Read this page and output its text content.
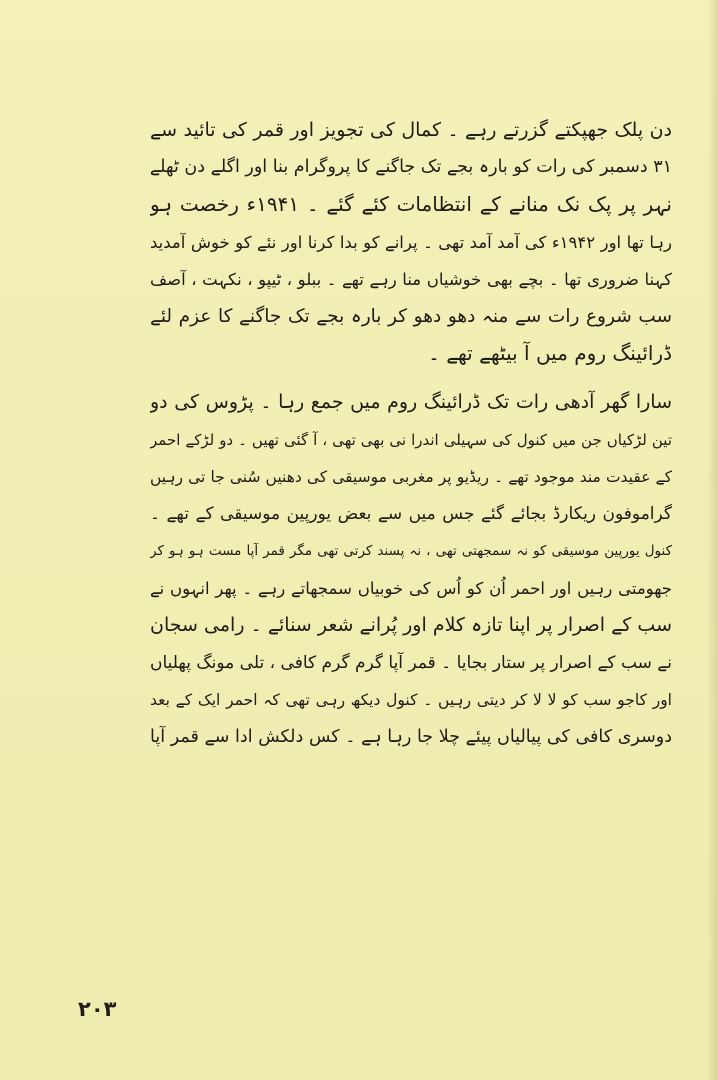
دن پلک جھپکتے گزرتے رہے ۔ کمال کی تجویز اور قمر کی تائید سے
۳۱ دسمبر کی رات کو بارہ بجے تک جاگنے کا پروگرام بنا اور اگلے دن ٹھلے
نہر پر پک نک منانے کے انتظامات کئے گئے ۔ ۱۹۴۱ء رخصت ہو
رہا تھا اور ۱۹۴۲ء کی آمد آمد تھی ۔ پرانے کو بدا کرنا اور نئے کو خوش آمدید
کہنا ضروری تھا ۔ بچے بھی خوشیاں منا رہے تھے ۔ ببلو ، ٹیپو ، نکہت ، آصف
سب شروع رات سے منہ دھو دھو کر بارہ بجے تک جاگنے کا عزم لئے
ڈرائینگ روم میں آ بیٹھے تھے ۔
سارا گھر آدھی رات تک ڈرائینگ روم میں جمع رہا ۔ پڑوس کی دو
تین لڑکیاں جن میں کنول کی سہیلی اندرا نی بھی تھی ، آ گئی تھیں ۔ دو لڑکے احمر
کے عقیدت مند موجود تھے ۔ ریڈیو پر مغربی موسیقی کی دھنیں سُنی جا تی رہیں
گراموفون ریکارڈ بجائے گئے جس میں سے بعض یورپین موسیقی کے تھے ۔
کنول یورپین موسیقی کو نہ سمجھتی تھی ، نہ پسند کرتی تھی مگر قمر آپا مست ہو ہو کر
جھومتی رہیں اور احمر اُن کو اُس کی خوبیاں سمجھاتے رہے ۔ پھر انہوں نے
سب کے اصرار پر اپنا تازہ کلام اور پُرانے شعر سنائے ۔ رامی سجان
نے سب کے اصرار پر ستار بجایا ۔ قمر آپا گرم گرم کافی ، تلی مونگ پھلیاں
اور کاجو سب کو لا لا کر دیتی رہیں ۔ کنول دیکھ رہی تھی کہ احمر ایک کے بعد
دوسری کافی کی پیالیاں پیئے چلا جا رہا ہے ۔ کس دلکش ادا سے قمر آپا
۲۰۳
